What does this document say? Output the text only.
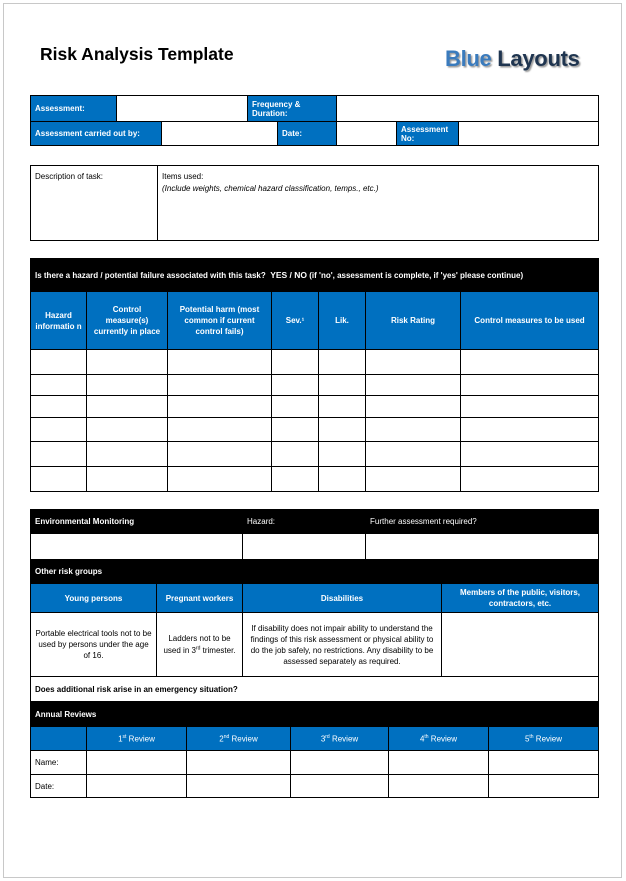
Risk Analysis Template	Blue Layouts
Assessment:			Frequency & Duration:				
Assessment carried out by:				Date:		Assessment No:	
Description of task:	Items used:
(Include weights, chemical hazard classification, temps., etc.)
Is there a hazard / potential failure associated with this task? YES / NO (if 'no', assessment is complete, if 'yes' please continue)						
Hazard informatio n	Control measure(s) currently in place	Potential harm (most common if current control fails)	Sev.¹	Lik.	Risk Rating	Control measures to be used

Environmental Monitoring		Hazard:	Further assessment required?	

Other risk groups				
Young persons	Pregnant workers	Disabilities		Members of the public, visitors, contractors, etc.
Portable electrical tools not to be used by persons under the age of 16.	Ladders not to be used in 3rd trimester.	If disability does not impair ability to understand the findings of this risk assessment or physical ability to do the job safely, no restrictions. Any disability to be assessed separately as required.		
Does additional risk arise in an emergency situation?				
Annual Reviews				
	1st Review	2nd Review	3rd Review	4th Review	5th Review
Name:					
Date:					
